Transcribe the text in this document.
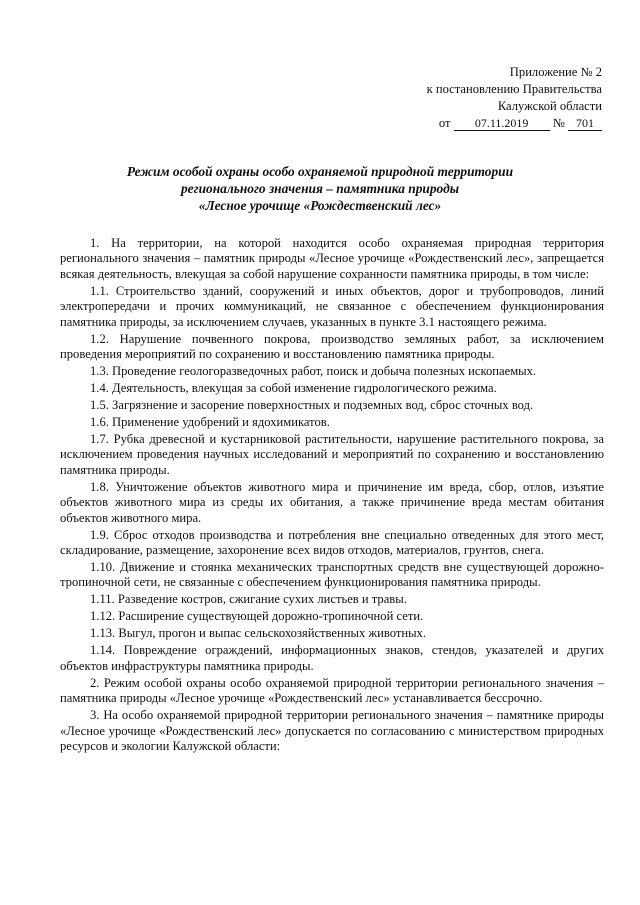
Приложение № 2
к постановлению Правительства
Калужской области
от 07.11.2019 № 701
Режим особой охраны особо охраняемой природной территории
регионального значения – памятника природы
«Лесное урочище «Рождественский лес»

1. На территории, на которой находится особо охраняемая природная территория регионального значения – памятник природы «Лесное урочище «Рождественский лес», запрещается всякая деятельность, влекущая за собой нарушение сохранности памятника природы, в том числе:

1.1. Строительство зданий, сооружений и иных объектов, дорог и трубопроводов, линий электропередачи и прочих коммуникаций, не связанное с обеспечением функционирования памятника природы, за исключением случаев, указанных в пункте 3.1 настоящего режима.

1.2. Нарушение почвенного покрова, производство земляных работ, за исключением проведения мероприятий по сохранению и восстановлению памятника природы.

1.3. Проведение геологоразведочных работ, поиск и добыча полезных ископаемых.

1.4. Деятельность, влекущая за собой изменение гидрологического режима.

1.5. Загрязнение и засорение поверхностных и подземных вод, сброс сточных вод.

1.6. Применение удобрений и ядохимикатов.

1.7. Рубка древесной и кустарниковой растительности, нарушение растительного покрова, за исключением проведения научных исследований и мероприятий по сохранению и восстановлению памятника природы.

1.8. Уничтожение объектов животного мира и причинение им вреда, сбор, отлов, изъятие объектов животного мира из среды их обитания, а также причинение вреда местам обитания объектов животного мира.

1.9. Сброс отходов производства и потребления вне специально отведенных для этого мест, складирование, размещение, захоронение всех видов отходов, материалов, грунтов, снега.

1.10. Движение и стоянка механических транспортных средств вне существующей дорожно-тропиночной сети, не связанные с обеспечением функционирования памятника природы.

1.11. Разведение костров, сжигание сухих листьев и травы.

1.12. Расширение существующей дорожно-тропиночной сети.

1.13. Выгул, прогон и выпас сельскохозяйственных животных.

1.14. Повреждение ограждений, информационных знаков, стендов, указателей и других объектов инфраструктуры памятника природы.

2. Режим особой охраны особо охраняемой природной территории регионального значения – памятника природы «Лесное урочище «Рождественский лес» устанавливается бессрочно.

3. На особо охраняемой природной территории регионального значения – памятнике природы «Лесное урочище «Рождественский лес» допускается по согласованию с министерством природных ресурсов и экологии Калужской области:
